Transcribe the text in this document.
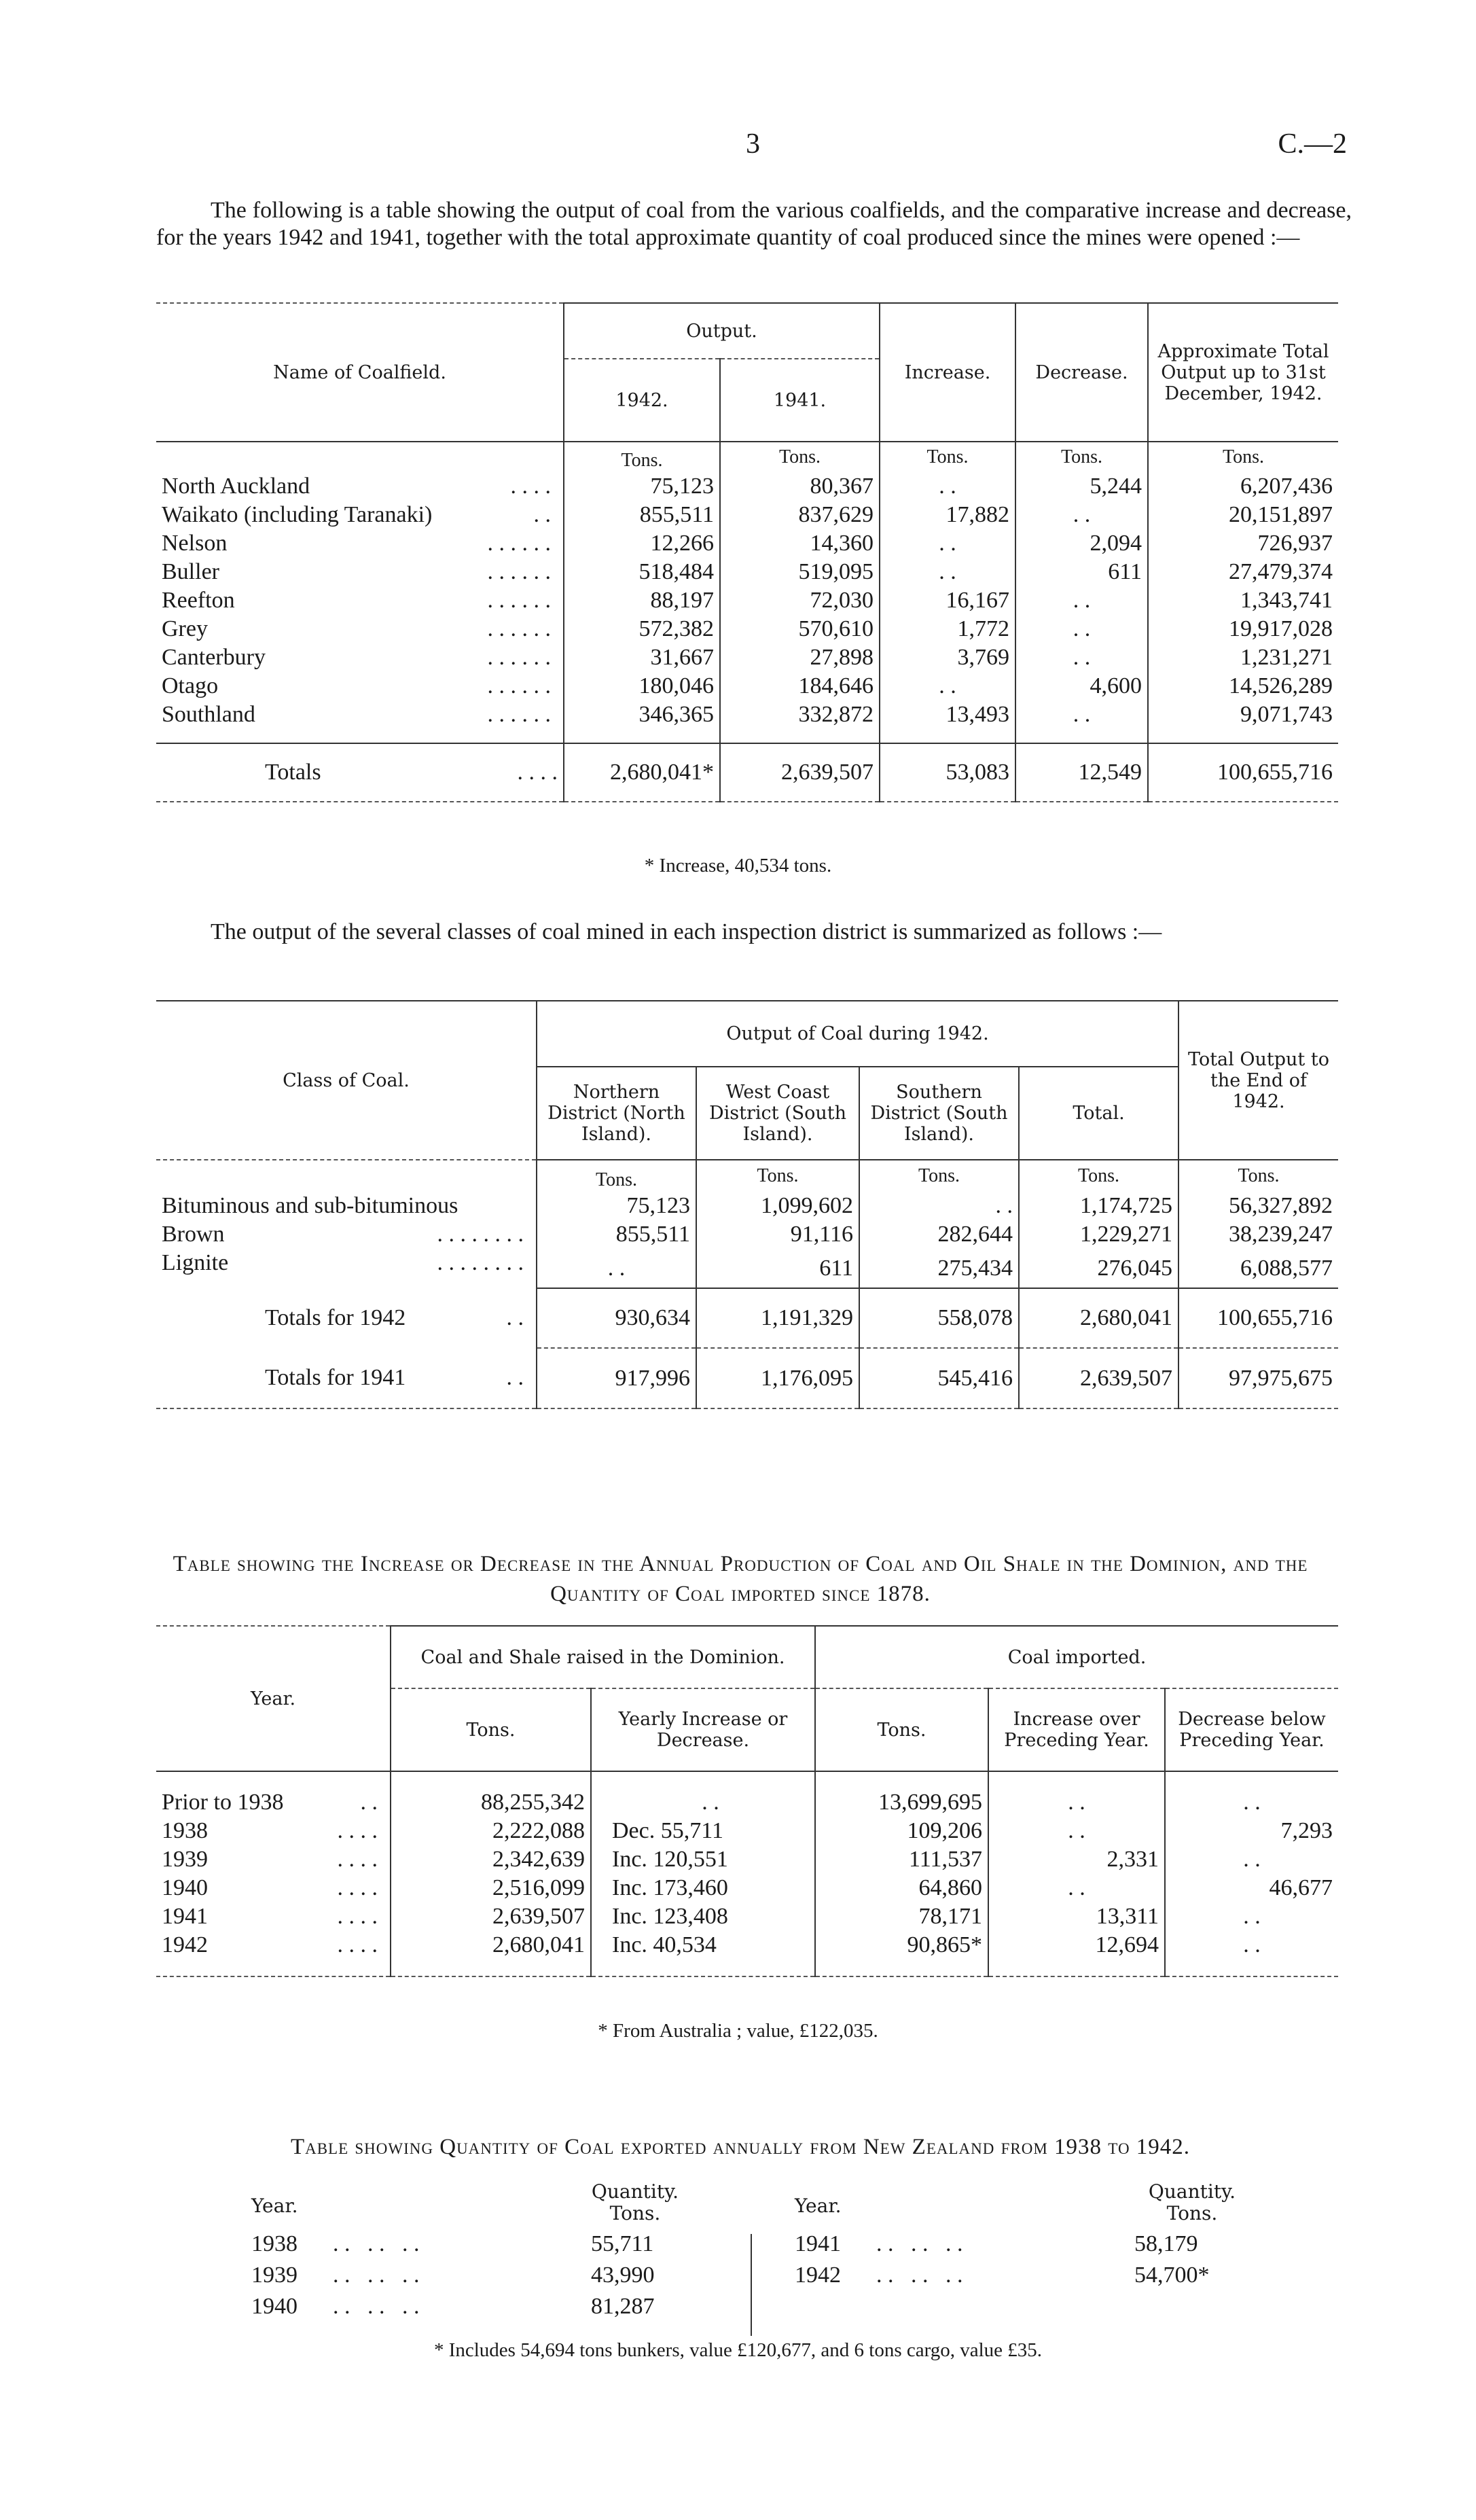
3	C.—2
The following is a table showing the output of coal from the various coalfields, and the comparative increase and decrease, for the years 1942 and 1941, together with the total approximate quantity of coal produced since the mines were opened :—
Name of Coalfield.	Output.		Increase.	Decrease.	Approximate Total Output up to 31st December, 1942.
	1942.	1941.			
	Tons.	Tons.	Tons.	Tons.	Tons.
North Auckland . . . .	75,123	80,367	. .	5,244	6,207,436
Waikato (including Taranaki) . .	855,511	837,629	17,882	. .	20,151,897
Nelson . . . . . .	12,266	14,360	. .	2,094	726,937
Buller . . . . . .	518,484	519,095	. .	611	27,479,374
Reefton . . . . . .	88,197	72,030	16,167	. .	1,343,741
Grey . . . . . .	572,382	570,610	1,772	. .	19,917,028
Canterbury . . . . . .	31,667	27,898	3,769	. .	1,231,271
Otago . . . . . .	180,046	184,646	. .	4,600	14,526,289
Southland . . . . . .	346,365	332,872	13,493	. .	9,071,743
Totals . . . .	2,680,041*	2,639,507	53,083	12,549	100,655,716
* Increase, 40,534 tons.
The output of the several classes of coal mined in each inspection district is summarized as follows :—
Class of Coal.	Output of Coal during 1942.				Total Output to the End of 1942.
	Northern District (North Island).	West Coast District (South Island).	Southern District (South Island).	Total.	
	Tons.	Tons.	Tons.	Tons.	Tons.
Bituminous and sub-bituminous	75,123	1,099,602	. .	1,174,725	56,327,892
Brown . . . . . . . .	855,511	91,116	282,644	1,229,271	38,239,247
Lignite . . . . . . . .	. .	611	275,434	276,045	6,088,577
Totals for 1942 . .	930,634	1,191,329	558,078	2,680,041	100,655,716
Totals for 1941 . .	917,996	1,176,095	545,416	2,639,507	97,975,675
Table showing the Increase or Decrease in the Annual Production of Coal and Oil Shale in the Dominion, and the Quantity of Coal imported since 1878.
Year.	Coal and Shale raised in the Dominion.		Coal imported.		
	Tons.	Yearly Increase or Decrease.	Tons.	Increase over Preceding Year.	Decrease below Preceding Year.
Prior to 1938 . .	88,255,342	. .	13,699,695	. .	. .
1938 . . . .	2,222,088	Dec. 55,711	109,206	. .	7,293
1939 . . . .	2,342,639	Inc. 120,551	111,537	2,331	. .
1940 . . . .	2,516,099	Inc. 173,460	64,860	. .	46,677
1941 . . . .	2,639,507	Inc. 123,408	78,171	13,311	. .
1942 . . . .	2,680,041	Inc. 40,534	90,865*	12,694	. .
* From Australia ; value, £122,035.
Table showing Quantity of Coal exported annually from New Zealand from 1938 to 1942.
Year.
Quantity. Tons.	Year.
Quantity. Tons.
1938 . .   . .   . .	55,711
1939 . .   . .   . .	43,990
1940 . .   . .   . .	81,287
1941 . .   . .   . .	58,179
1942 . .   . .   . .	54,700*
* Includes 54,694 tons bunkers, value £120,677, and 6 tons cargo, value £35.
